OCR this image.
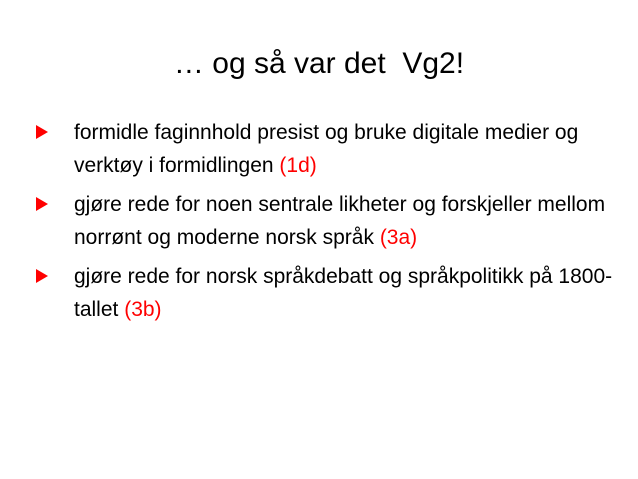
… og så var det  Vg2!
formidle faginnhold presist og bruke digitale medier og verktøy i formidlingen (1d)
gjøre rede for noen sentrale likheter og forskjeller mellom norrønt og moderne norsk språk (3a)
gjøre rede for norsk språkdebatt og språkpolitikk på 1800-tallet (3b)
